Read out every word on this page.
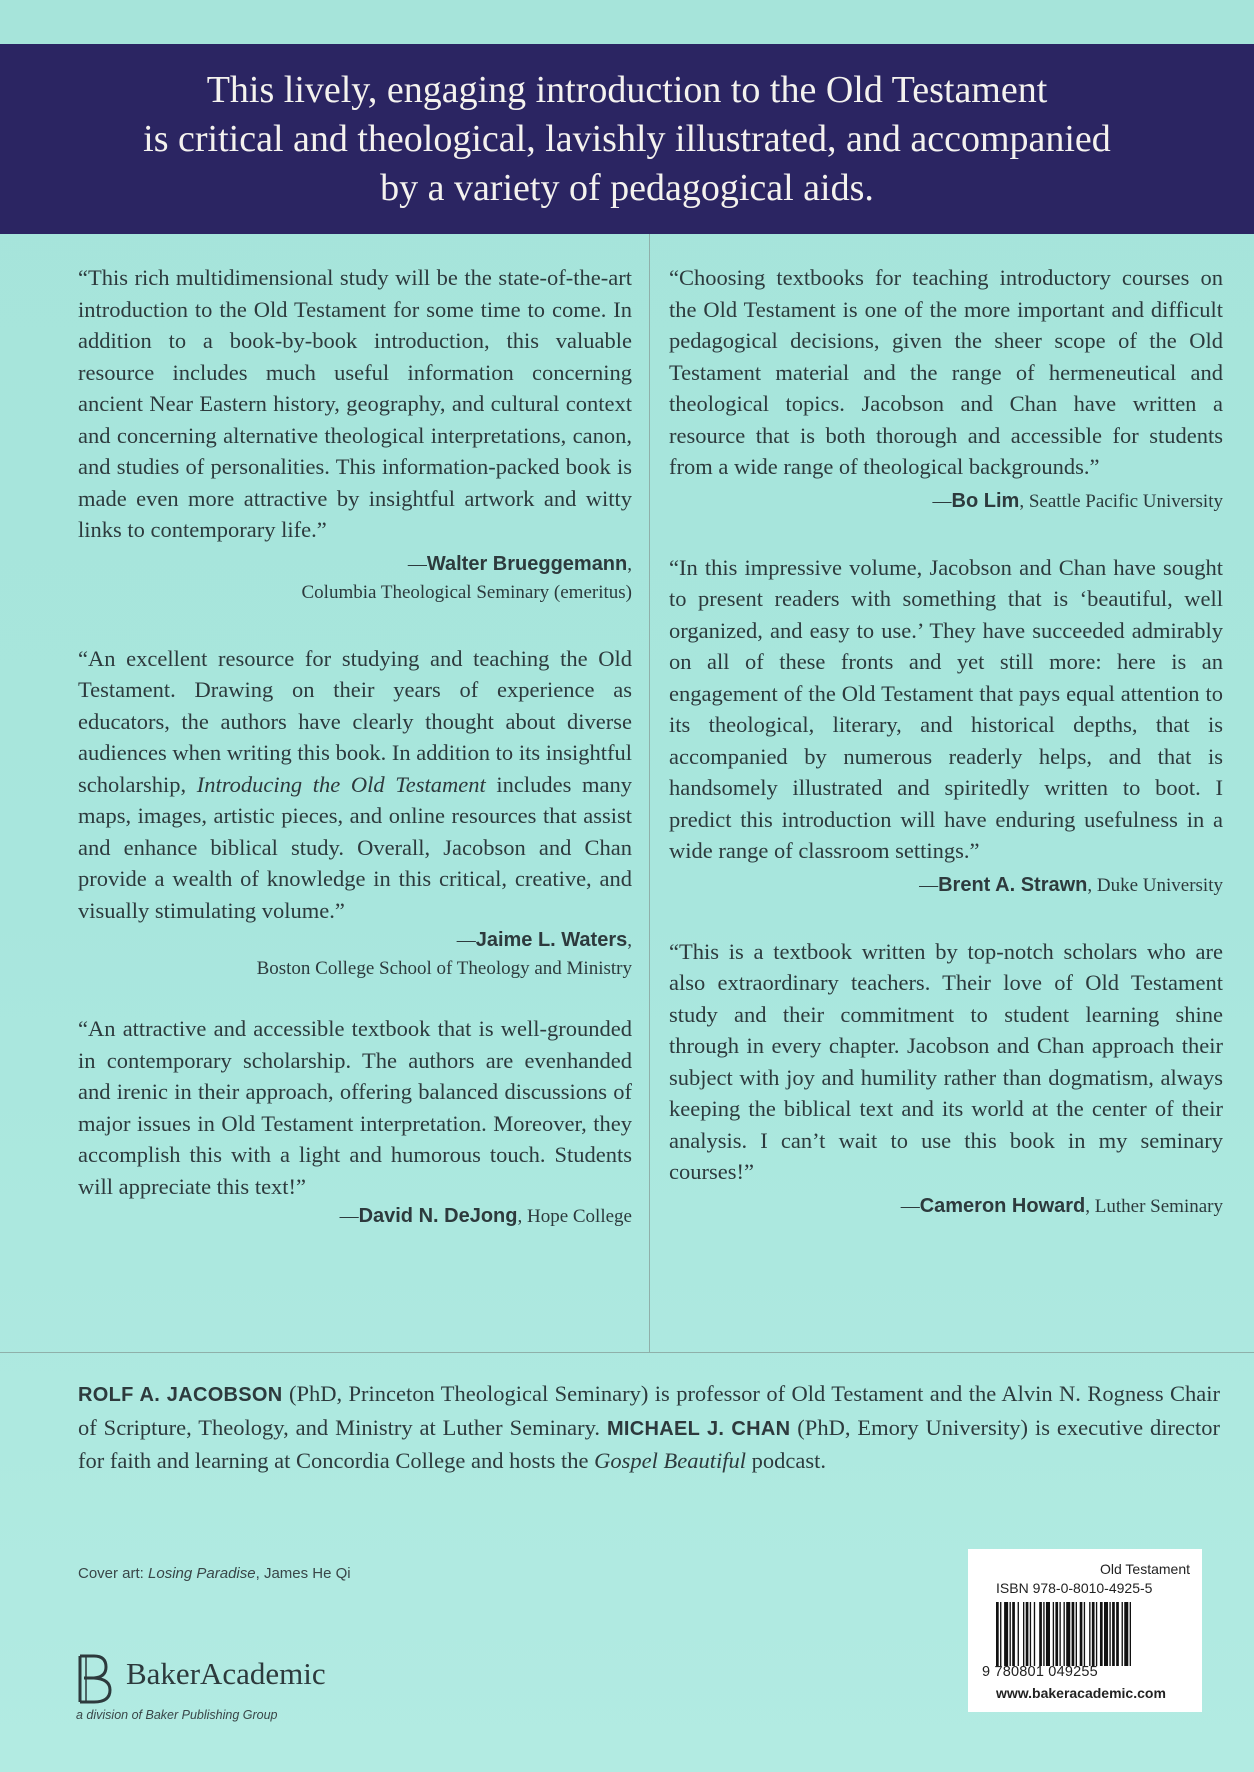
This lively, engaging introduction to the Old Testament
is critical and theological, lavishly illustrated, and accompanied
by a variety of pedagogical aids.

“This rich multidimensional study will be the state-of-the-art introduction to the Old Testament for some time to come. In addition to a book-by-book introduction, this valuable resource includes much useful information concerning ancient Near Eastern history, geography, and cultural context and concerning alternative theological interpretations, canon, and studies of personalities. This information-packed book is made even more attractive by insightful artwork and witty links to contemporary life.”

—Walter Brueggemann,
Columbia Theological Seminary (emeritus)

“An excellent resource for studying and teaching the Old Testament. Drawing on their years of experience as educators, the authors have clearly thought about diverse audiences when writing this book. In addition to its insightful scholarship, Introducing the Old Testament includes many maps, images, artistic pieces, and online resources that assist and enhance biblical study. Overall, Jacobson and Chan provide a wealth of knowledge in this critical, creative, and visually stimulating volume.”

—Jaime L. Waters,
Boston College School of Theology and Ministry

“An attractive and accessible textbook that is well-grounded in contemporary scholarship. The authors are evenhanded and irenic in their approach, offering balanced discussions of major issues in Old Testament interpretation. Moreover, they accomplish this with a light and humorous touch. Students will appreciate this text!”

—David N. DeJong, Hope College

“Choosing textbooks for teaching introductory courses on the Old Testament is one of the more important and difficult pedagogical decisions, given the sheer scope of the Old Testament material and the range of hermeneutical and theological topics. Jacobson and Chan have written a resource that is both thorough and accessible for students from a wide range of theological backgrounds.”

—Bo Lim, Seattle Pacific University

“In this impressive volume, Jacobson and Chan have sought to present readers with something that is ‘beautiful, well organized, and easy to use.’ They have succeeded admirably on all of these fronts and yet still more: here is an engagement of the Old Testament that pays equal attention to its theological, literary, and historical depths, that is accompanied by numerous readerly helps, and that is handsomely illustrated and spiritedly written to boot. I predict this introduction will have enduring usefulness in a wide range of classroom settings.”

—Brent A. Strawn, Duke University

“This is a textbook written by top-notch scholars who are also extraordinary teachers. Their love of Old Testament study and their commitment to student learning shine through in every chapter. Jacobson and Chan approach their subject with joy and humility rather than dogmatism, always keeping the biblical text and its world at the center of their analysis. I can’t wait to use this book in my seminary courses!”

—Cameron Howard, Luther Seminary

ROLF A. JACOBSON (PhD, Princeton Theological Seminary) is professor of Old Testament and the Alvin N. Rogness Chair of Scripture, Theology, and Ministry at Luther Seminary. MICHAEL J. CHAN (PhD, Emory University) is executive director for faith and learning at Concordia College and hosts the Gospel Beautiful podcast.
Cover art: Losing Paradise, James He Qi
BakerAcademic
a division of Baker Publishing Group
Old Testament
ISBN 978-0-8010-4925-5
9 780801 049255
www.bakeracademic.com
